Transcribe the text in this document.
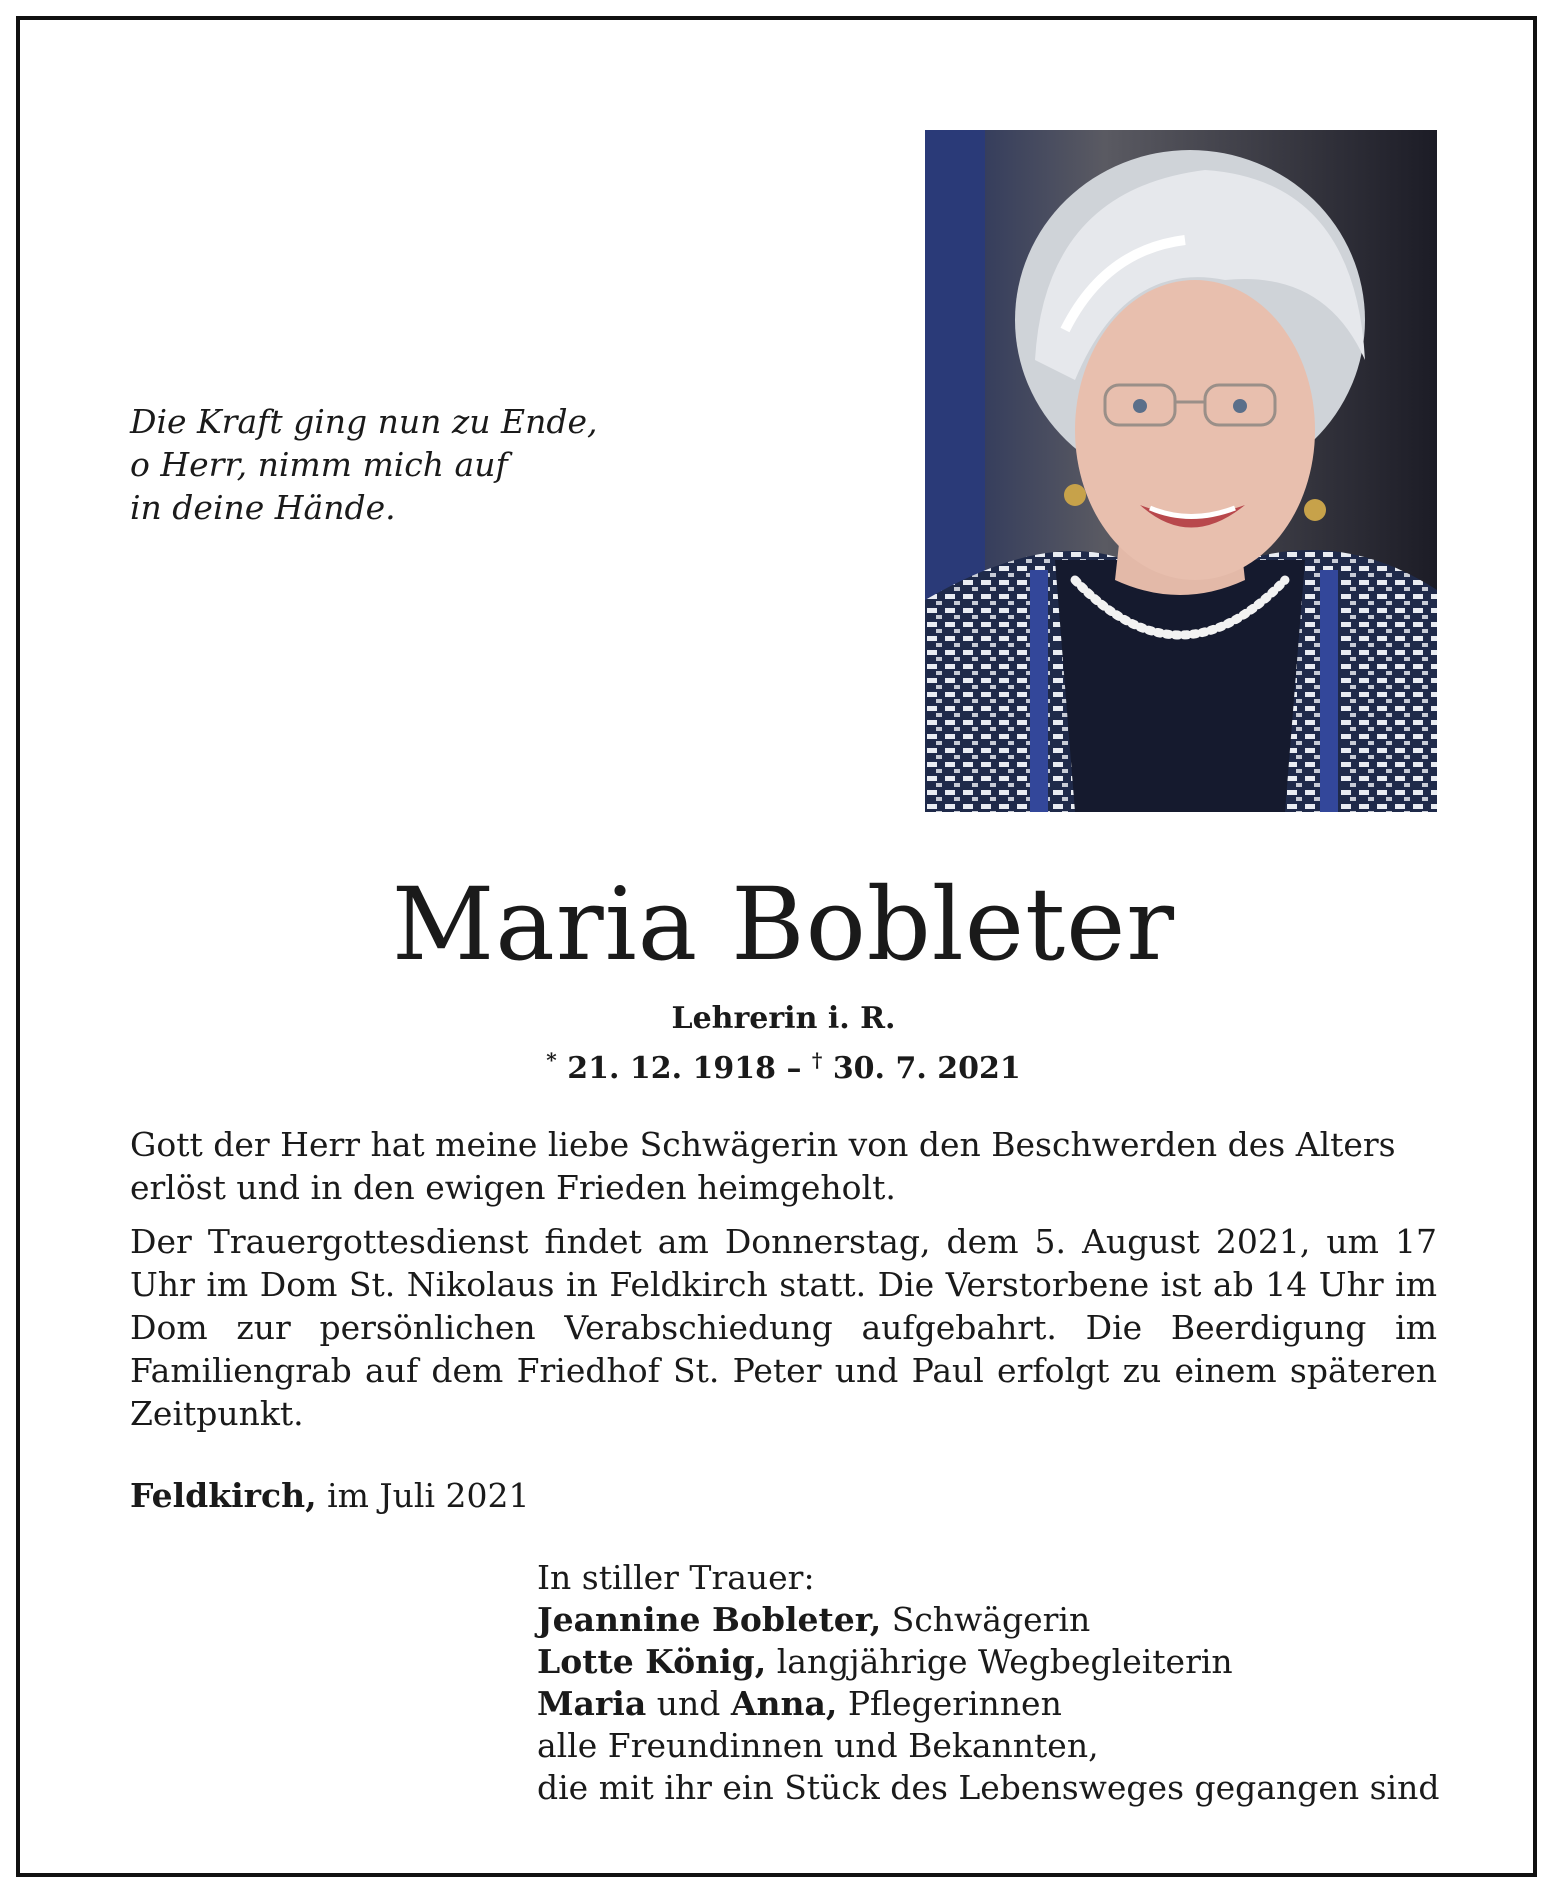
Die Kraft ging nun zu Ende,
o Herr, nimm mich auf
in deine Hände.
Maria Bobleter
Lehrerin i. R.
* 21. 12. 1918 – † 30. 7. 2021
Gott der Herr hat meine liebe Schwägerin von den Beschwerden des Alters erlöst und in den ewigen Frieden heimgeholt.
Der Trauergottesdienst findet am Donnerstag, dem 5. August 2021, um 17 Uhr im Dom St. Nikolaus in Feldkirch statt. Die Verstorbene ist ab 14 Uhr im Dom zur persönlichen Verabschiedung aufgebahrt. Die Beerdigung im Familiengrab auf dem Friedhof St. Peter und Paul erfolgt zu einem späteren Zeitpunkt.
Feldkirch, im Juli 2021
In stiller Trauer:
Jeannine Bobleter, Schwägerin
Lotte König, langjährige Wegbegleiterin
Maria und Anna, Pflegerinnen
alle Freundinnen und Bekannten,
die mit ihr ein Stück des Lebensweges gegangen sind
